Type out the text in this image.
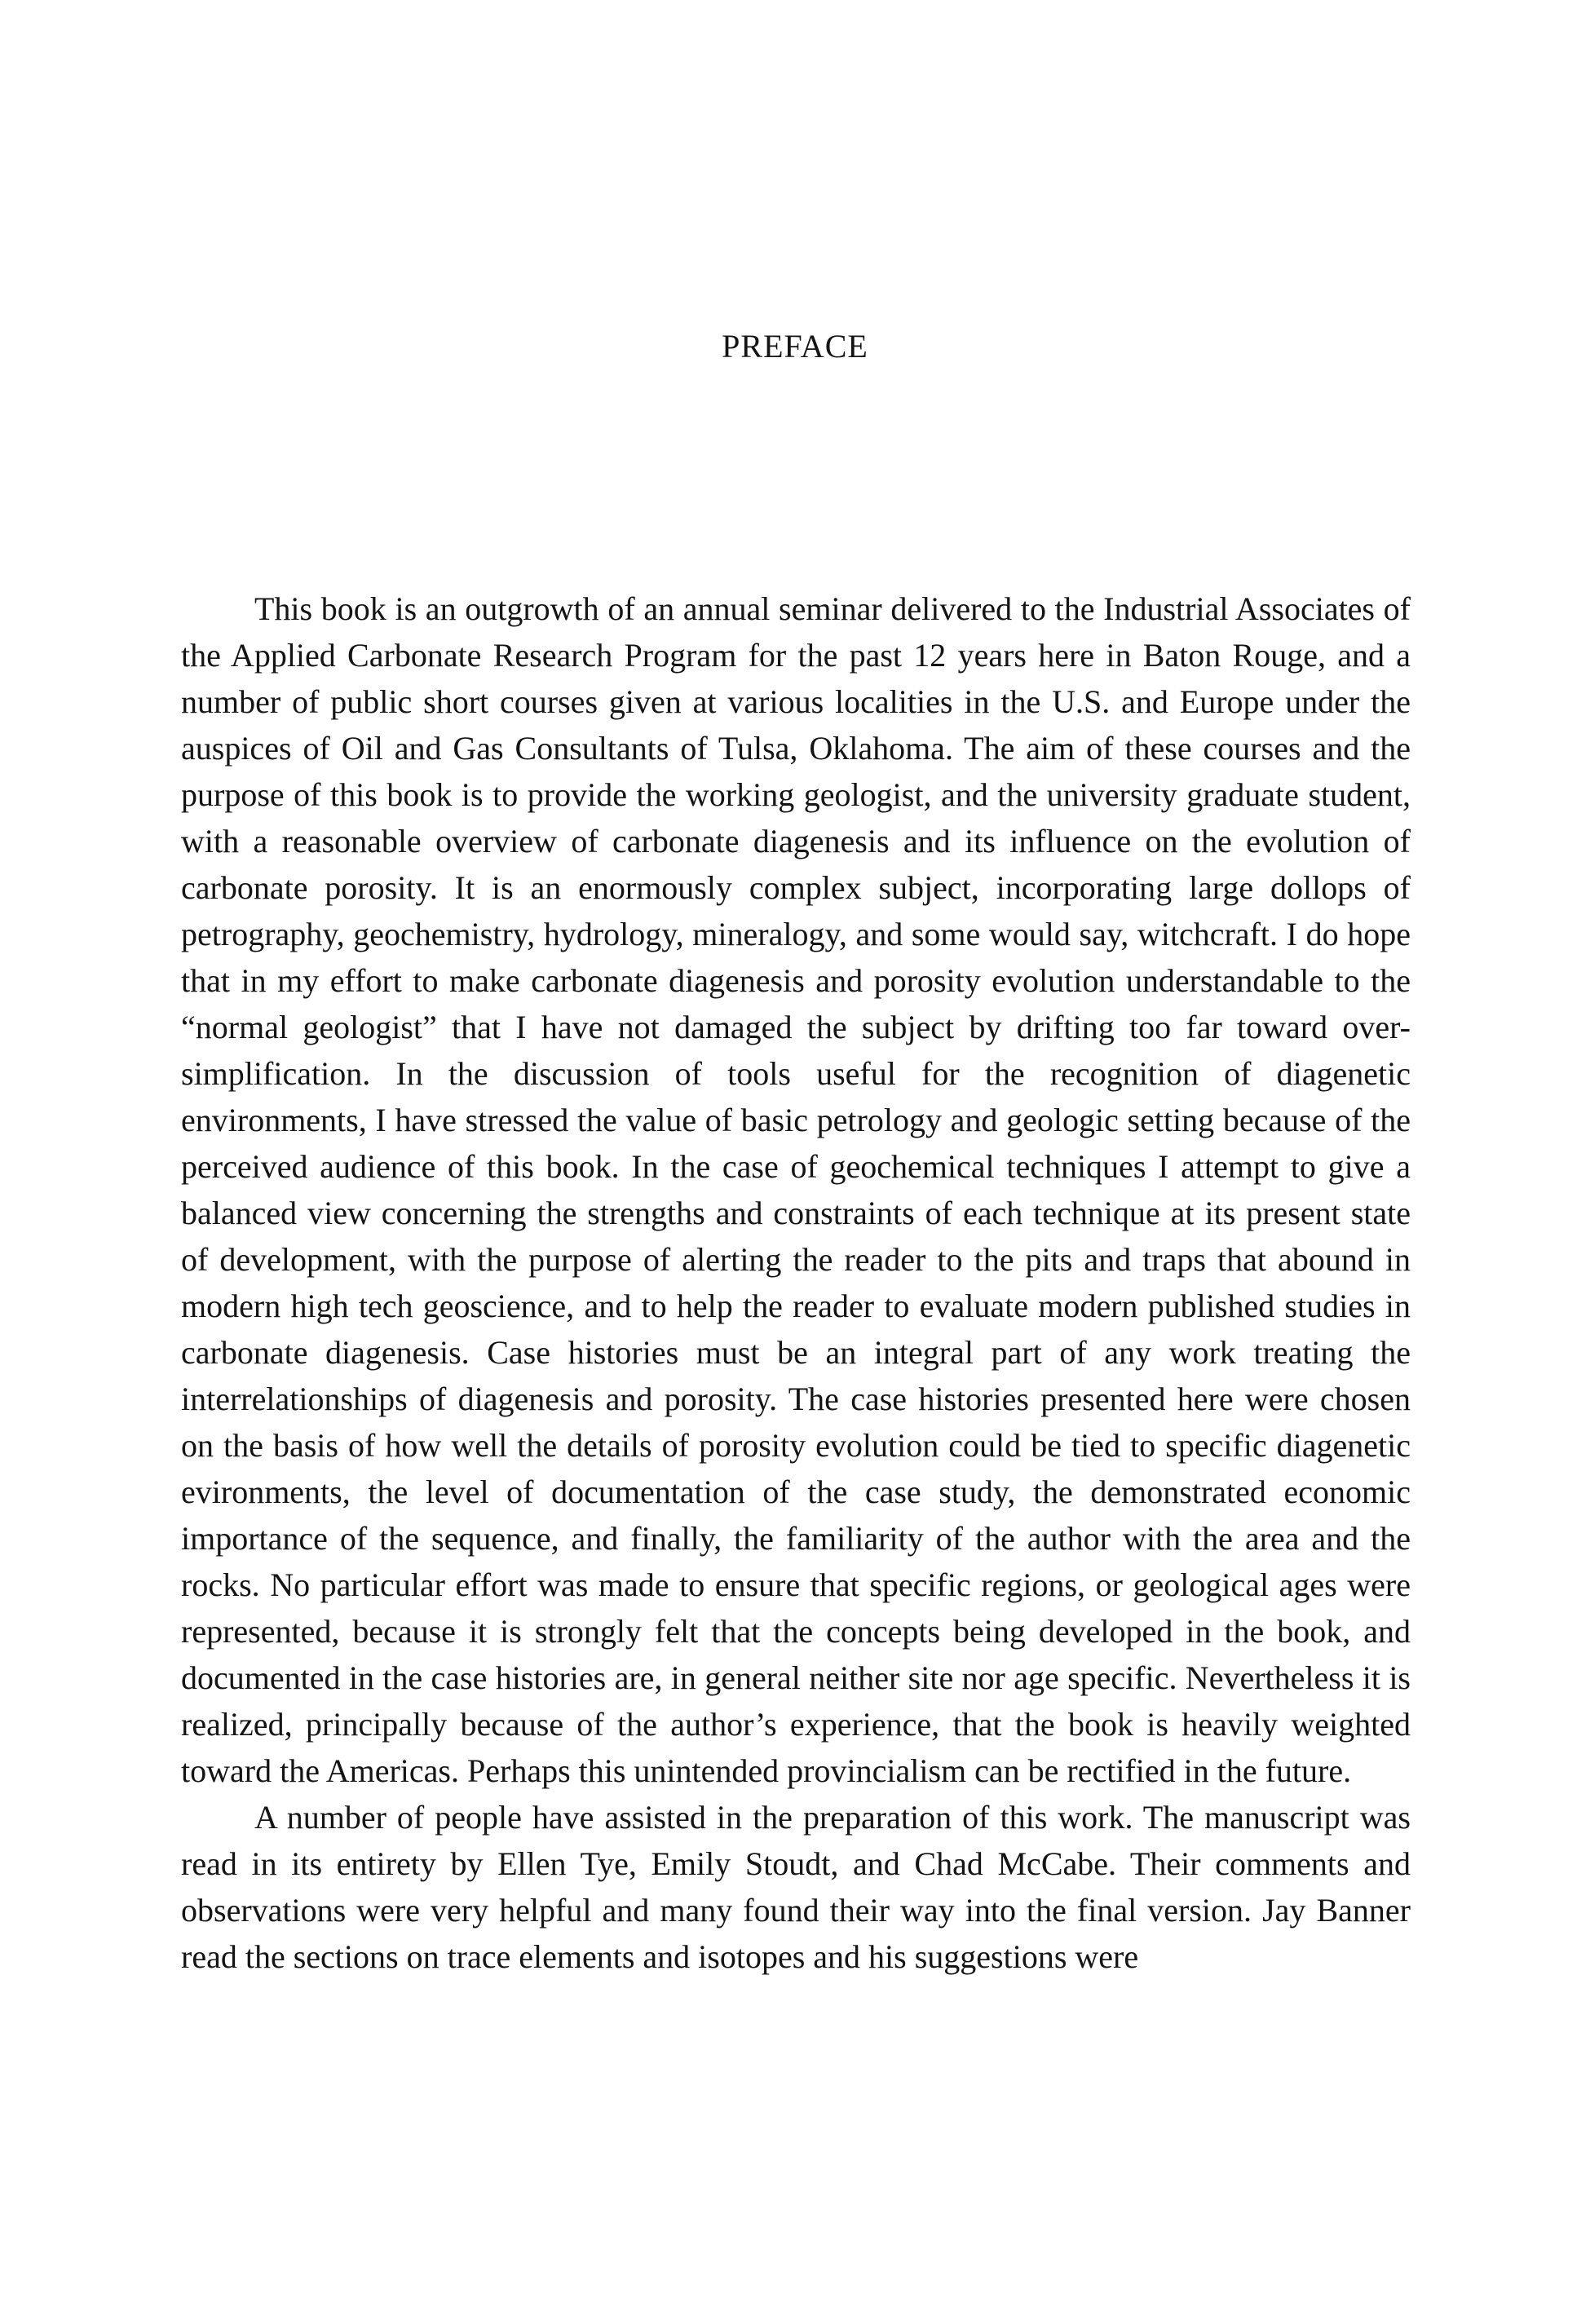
PREFACE

This book is an outgrowth of an annual seminar delivered to the Industrial Associates of the Applied Carbonate Research Program for the past 12 years here in Baton Rouge, and a number of public short courses given at various localities in the U.S. and Europe under the auspices of Oil and Gas Consultants of Tulsa, Oklahoma. The aim of these courses and the purpose of this book is to provide the working geologist, and the university graduate student, with a reasonable overview of carbonate diagenesis and its influence on the evolution of carbonate porosity. It is an enormously complex subject, incorporating large dollops of petrography, geochemistry, hydrology, mineralogy, and some would say, witchcraft. I do hope that in my effort to make carbonate diagenesis and porosity evolution understandable to the “normal geologist” that I have not damaged the subject by drifting too far toward over-simplification. In the discussion of tools useful for the recognition of diagenetic environments, I have stressed the value of basic petrology and geologic setting because of the perceived audience of this book. In the case of geochemical techniques I attempt to give a balanced view concerning the strengths and constraints of each technique at its present state of development, with the purpose of alerting the reader to the pits and traps that abound in modern high tech geoscience, and to help the reader to evaluate modern published studies in carbonate diagenesis. Case histories must be an integral part of any work treating the interrelationships of diagenesis and porosity. The case histories presented here were chosen on the basis of how well the details of porosity evolution could be tied to specific diagenetic evironments, the level of documentation of the case study, the demonstrated economic importance of the sequence, and finally, the familiarity of the author with the area and the rocks. No particular effort was made to ensure that specific regions, or geological ages were represented, because it is strongly felt that the concepts being developed in the book, and documented in the case histories are, in general neither site nor age specific. Nevertheless it is realized, principally because of the author’s experience, that the book is heavily weighted toward the Americas. Perhaps this unintended provincialism can be rectified in the future.

A number of people have assisted in the preparation of this work. The manuscript was read in its entirety by Ellen Tye, Emily Stoudt, and Chad McCabe. Their comments and observations were very helpful and many found their way into the final version. Jay Banner read the sections on trace elements and isotopes and his suggestions were
